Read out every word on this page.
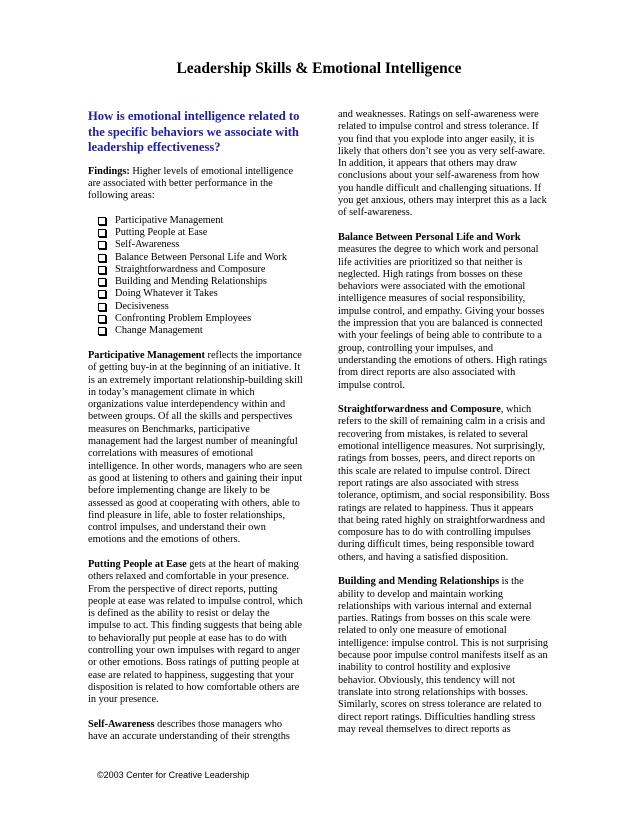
Leadership Skills & Emotional Intelligence
How is emotional intelligence related to the specific behaviors we associate with leadership effectiveness?

Findings: Higher levels of emotional intelligence are associated with better performance in the following areas:

Participative Management
Putting People at Ease
Self-Awareness
Balance Between Personal Life and Work
Straightforwardness and Composure
Building and Mending Relationships
Doing Whatever it Takes
Decisiveness
Confronting Problem Employees
Change Management

Participative Management reflects the importance of getting buy-in at the beginning of an initiative. It is an extremely important relationship-building skill in today’s management climate in which organizations value interdependency within and between groups. Of all the skills and perspectives measures on Benchmarks, participative management had the largest number of meaningful correlations with measures of emotional intelligence. In other words, managers who are seen as good at listening to others and gaining their input before implementing change are likely to be assessed as good at cooperating with others, able to find pleasure in life, able to foster relationships, control impulses, and understand their own emotions and the emotions of others.

Putting People at Ease gets at the heart of making others relaxed and comfortable in your presence. From the perspective of direct reports, putting people at ease was related to impulse control, which is defined as the ability to resist or delay the impulse to act. This finding suggests that being able to behaviorally put people at ease has to do with controlling your own impulses with regard to anger or other emotions. Boss ratings of putting people at ease are related to happiness, suggesting that your disposition is related to how comfortable others are in your presence.

Self-Awareness describes those managers who have an accurate understanding of their strengths

and weaknesses. Ratings on self-awareness were related to impulse control and stress tolerance. If you find that you explode into anger easily, it is likely that others don’t see you as very self-aware. In addition, it appears that others may draw conclusions about your self-awareness from how you handle difficult and challenging situations. If you get anxious, others may interpret this as a lack of self-awareness.

Balance Between Personal Life and Work measures the degree to which work and personal life activities are prioritized so that neither is neglected. High ratings from bosses on these behaviors were associated with the emotional intelligence measures of social responsibility, impulse control, and empathy. Giving your bosses the impression that you are balanced is connected with your feelings of being able to contribute to a group, controlling your impulses, and understanding the emotions of others. High ratings from direct reports are also associated with impulse control.

Straightforwardness and Composure, which refers to the skill of remaining calm in a crisis and recovering from mistakes, is related to several emotional intelligence measures. Not surprisingly, ratings from bosses, peers, and direct reports on this scale are related to impulse control. Direct report ratings are also associated with stress tolerance, optimism, and social responsibility. Boss ratings are related to happiness. Thus it appears that being rated highly on straightforwardness and composure has to do with controlling impulses during difficult times, being responsible toward others, and having a satisfied disposition.

Building and Mending Relationships is the ability to develop and maintain working relationships with various internal and external parties. Ratings from bosses on this scale were related to only one measure of emotional intelligence: impulse control. This is not surprising because poor impulse control manifests itself as an inability to control hostility and explosive behavior. Obviously, this tendency will not translate into strong relationships with bosses. Similarly, scores on stress tolerance are related to direct report ratings. Difficulties handling stress may reveal themselves to direct reports as

©2003 Center for Creative Leadership
